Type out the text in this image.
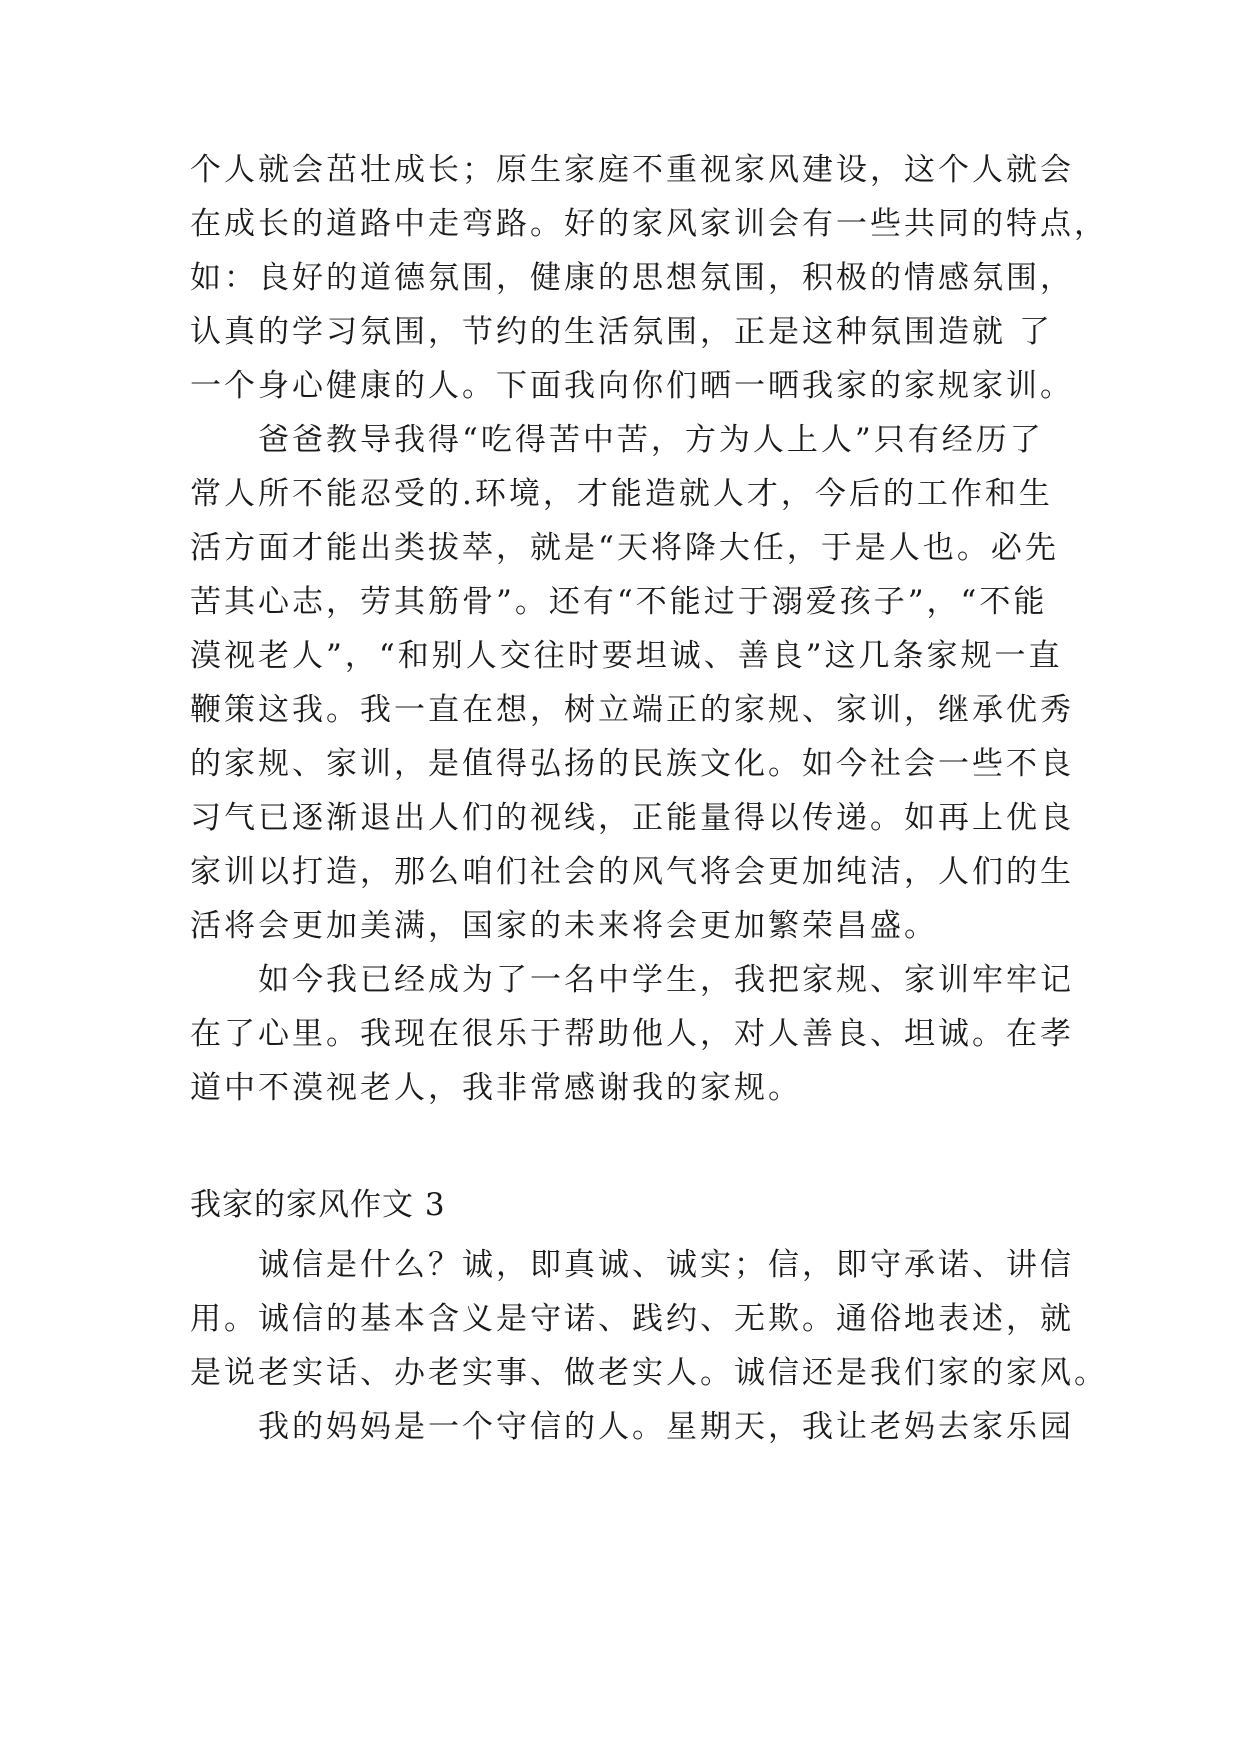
个人就会茁壮成长；原生家庭不重视家风建设，这个人就会

在成长的道路中走弯路。好的家风家训会有一些共同的特点，

如：良好的道德氛围，健康的思想氛围，积极的情感氛围，

认真的学习氛围，节约的生活氛围，正是这种氛围造就 了

一个身心健康的人。下面我向你们晒一晒我家的家规家训。

　　爸爸教导我得“吃得苦中苦，方为人上人”只有经历了

常人所不能忍受的.环境，才能造就人才，今后的工作和生

活方面才能出类拔萃，就是“天将降大任，于是人也。必先

苦其心志，劳其筋骨”。还有“不能过于溺爱孩子”，“不能

漠视老人”，“和别人交往时要坦诚、善良”这几条家规一直

鞭策这我。我一直在想，树立端正的家规、家训，继承优秀

的家规、家训，是值得弘扬的民族文化。如今社会一些不良

习气已逐渐退出人们的视线，正能量得以传递。如再上优良

家训以打造，那么咱们社会的风气将会更加纯洁，人们的生

活将会更加美满，国家的未来将会更加繁荣昌盛。

　　如今我已经成为了一名中学生，我把家规、家训牢牢记

在了心里。我现在很乐于帮助他人，对人善良、坦诚。在孝

道中不漠视老人，我非常感谢我的家规。

我家的家风作文 3

　　诚信是什么？诚，即真诚、诚实；信，即守承诺、讲信

用。诚信的基本含义是守诺、践约、无欺。通俗地表述，就

是说老实话、办老实事、做老实人。诚信还是我们家的家风。

　　我的妈妈是一个守信的人。星期天，我让老妈去家乐园
